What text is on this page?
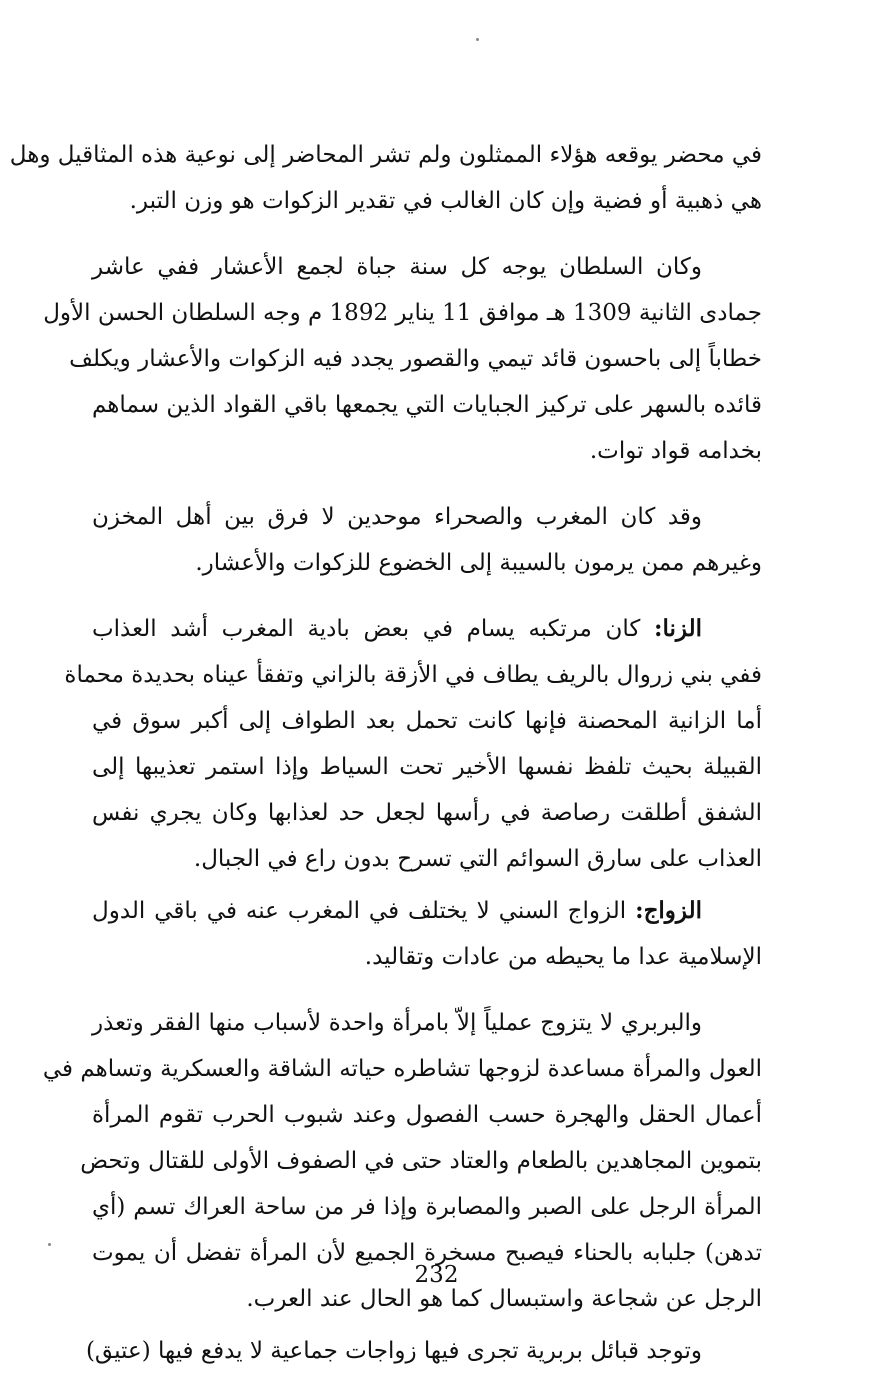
في محضر يوقعه هؤلاء الممثلون ولم تشر المحاضر إلى نوعية هذه المثاقيل وهل
هي ذهبية أو فضية وإن كان الغالب في تقدير الزكوات هو وزن التبر.
وكان السلطان يوجه كل سنة جباة لجمع الأعشار ففي عاشر
جمادى الثانية 1309 هـ موافق 11 يناير 1892 م وجه السلطان الحسن الأول
خطاباً إلى باحسون قائد تيمي والقصور يجدد فيه الزكوات والأعشار ويكلف
قائده بالسهر على تركيز الجبايات التي يجمعها باقي القواد الذين سماهم
بخدامه قواد توات.
وقد كان المغرب والصحراء موحدين لا فرق بين أهل المخزن
وغيرهم ممن يرمون بالسيبة إلى الخضوع للزكوات والأعشار.
الزنا: كان مرتكبه يسام في بعض بادية المغرب أشد العذاب
ففي بني زروال بالريف يطاف في الأزقة بالزاني وتفقأ عيناه بحديدة محماة
أما الزانية المحصنة فإنها كانت تحمل بعد الطواف إلى أكبر سوق في
القبيلة بحيث تلفظ نفسها الأخير تحت السياط وإذا استمر تعذيبها إلى
الشفق أطلقت رصاصة في رأسها لجعل حد لعذابها وكان يجري نفس
العذاب على سارق السوائم التي تسرح بدون راع في الجبال.
الزواج: الزواج السني لا يختلف في المغرب عنه في باقي الدول
الإسلامية عدا ما يحيطه من عادات وتقاليد.
والبربري لا يتزوج عملياً إلاّ بامرأة واحدة لأسباب منها الفقر وتعذر
العول والمرأة مساعدة لزوجها تشاطره حياته الشاقة والعسكرية وتساهم في
أعمال الحقل والهجرة حسب الفصول وعند شبوب الحرب تقوم المرأة
بتموين المجاهدين بالطعام والعتاد حتى في الصفوف الأولى للقتال وتحض
المرأة الرجل على الصبر والمصابرة وإذا فر من ساحة العراك تسم (أي
تدهن) جلبابه بالحناء فيصبح مسخرة الجميع لأن المرأة تفضل أن يموت
الرجل عن شجاعة واستبسال كما هو الحال عند العرب.
وتوجد قبائل بربرية تجرى فيها زواجات جماعية لا يدفع فيها (عتيق)
232
